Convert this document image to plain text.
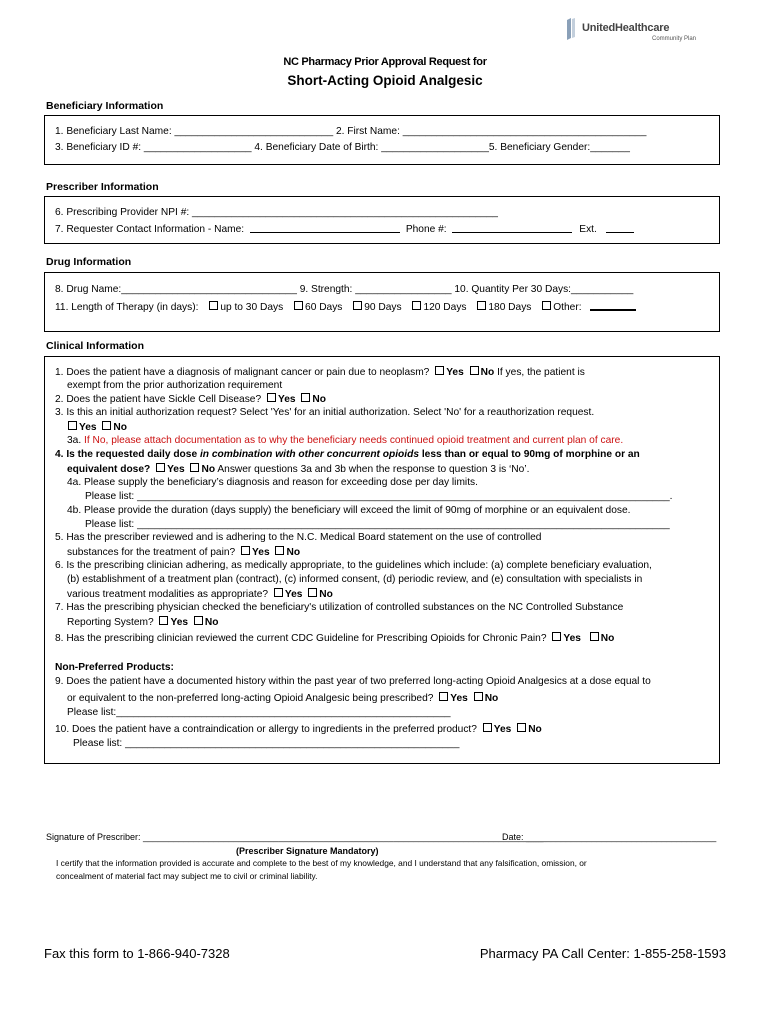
UnitedHealthcare
Community Plan
NC Pharmacy Prior Approval Request for
Short-Acting Opioid Analgesic
Beneficiary Information
1. Beneficiary Last Name: ____________________________ 2. First Name: ___________________________________________
3. Beneficiary ID #: ___________________ 4. Beneficiary Date of Birth: ___________________5. Beneficiary Gender:_______
Prescriber Information
6. Prescribing Provider NPI #: ______________________________________________________
7. Requester Contact Information - Name:	Phone #:	Ext.
Drug Information
8. Drug Name:_______________________________ 9. Strength: _________________ 10. Quantity Per 30 Days:___________
11. Length of Therapy (in days): up to 30 Days 60 Days 90 Days 120 Days 180 Days Other:
Clinical Information
1. Does the patient have a diagnosis of malignant cancer or pain due to neoplasm? Yes No If yes, the patient is
exempt from the prior authorization requirement
2. Does the patient have Sickle Cell Disease? Yes No
3. Is this an initial authorization request? Select 'Yes' for an initial authorization. Select 'No' for a reauthorization request.
Yes No
3a. If No, please attach documentation as to why the beneficiary needs continued opioid treatment and current plan of care.
4. Is the requested daily dose in combination with other concurrent opioids less than or equal to 90mg of morphine or an
equivalent dose? Yes No Answer questions 3a and 3b when the response to question 3 is ‘No’.
4a. Please supply the beneficiary’s diagnosis and reason for exceeding dose per day limits.
Please list: ______________________________________________________________________________________________.
4b. Please provide the duration (days supply) the beneficiary will exceed the limit of 90mg of morphine or an equivalent dose.
Please list: ______________________________________________________________________________________________
5. Has the prescriber reviewed and is adhering to the N.C. Medical Board statement on the use of controlled
substances for the treatment of pain? Yes No
6. Is the prescribing clinician adhering, as medically appropriate, to the guidelines which include: (a) complete beneficiary evaluation,
(b) establishment of a treatment plan (contract), (c) informed consent, (d) periodic review, and (e) consultation with specialists in
various treatment modalities as appropriate? Yes No
7. Has the prescribing physician checked the beneficiary's utilization of controlled substances on the NC Controlled Substance
Reporting System? Yes No
8. Has the prescribing clinician reviewed the current CDC Guideline for Prescribing Opioids for Chronic Pain? Yes No
Non-Preferred Products:
9. Does the patient have a documented history within the past year of two preferred long-acting Opioid Analgesics at a dose equal to
or equivalent to the non-preferred long-acting Opioid Analgesic being prescribed? Yes No
Please list:___________________________________________________________
10. Does the patient have a contraindication or allergy to ingredients in the preferred product? Yes No
Please list: ___________________________________________________________
Signature of Prescriber: ________________________________________________________________________________
Date: ______________________________________
(Prescriber Signature Mandatory)
I certify that the information provided is accurate and complete to the best of my knowledge, and I understand that any falsification, omission, or
concealment of material fact may subject me to civil or criminal liability.
Fax this form to 1-866-940-7328	Pharmacy PA Call Center: 1-855-258-1593
